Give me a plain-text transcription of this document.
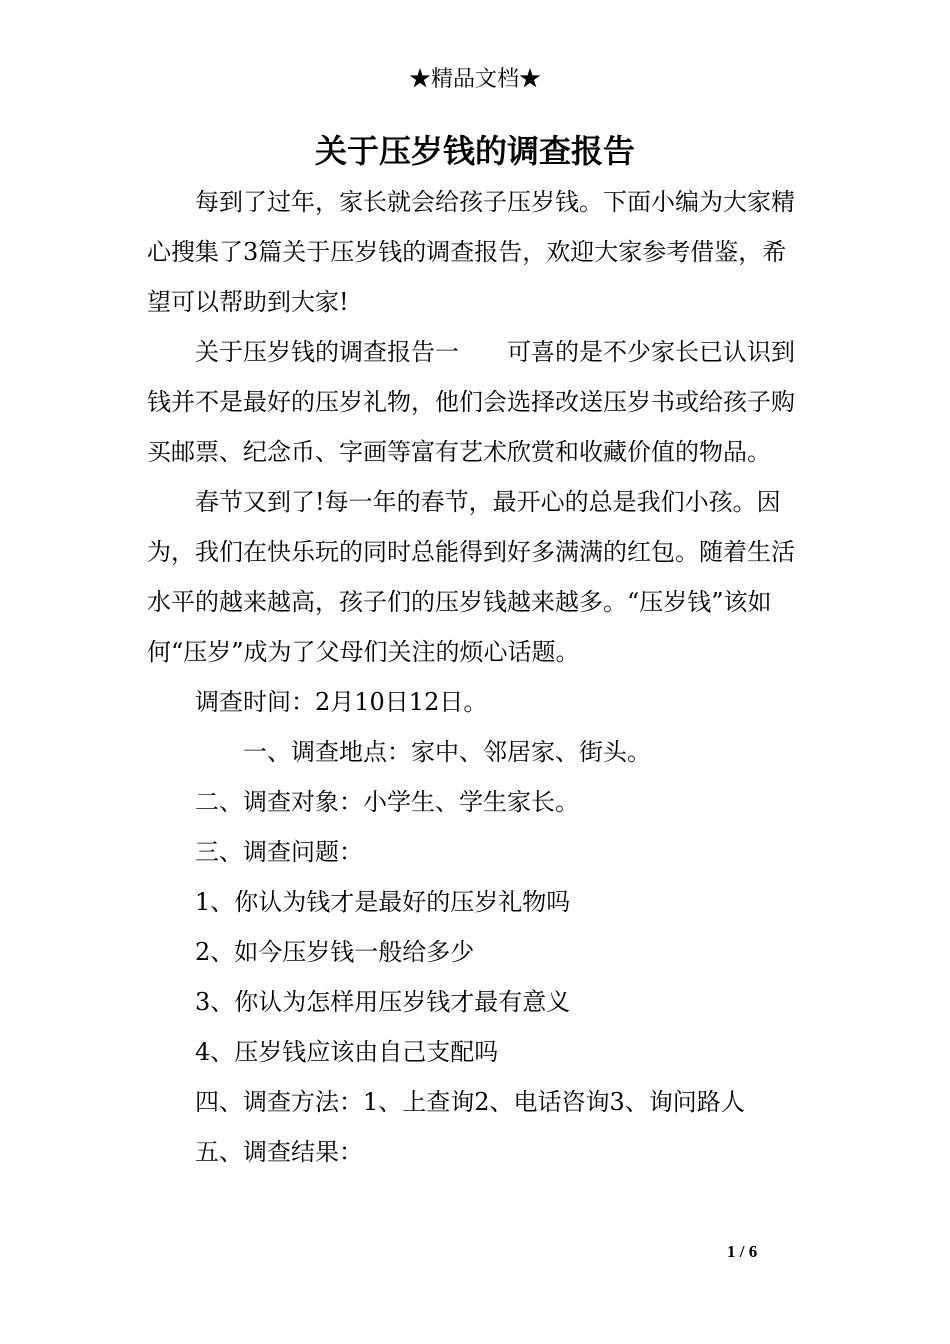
★精品文档★
关于压岁钱的调查报告

每到了过年，家长就会给孩子压岁钱。下面小编为大家精心搜集了3篇关于压岁钱的调查报告，欢迎大家参考借鉴，希望可以帮助到大家!

关于压岁钱的调查报告一　　可喜的是不少家长已认识到钱并不是最好的压岁礼物，他们会选择改送压岁书或给孩子购买邮票、纪念币、字画等富有艺术欣赏和收藏价值的物品。

春节又到了!每一年的春节，最开心的总是我们小孩。因为，我们在快乐玩的同时总能得到好多满满的红包。随着生活水平的越来越高，孩子们的压岁钱越来越多。“压岁钱”该如何“压岁”成为了父母们关注的烦心话题。

调查时间：2月10日12日。

一、调查地点：家中、邻居家、街头。

二、调查对象：小学生、学生家长。

三、调查问题：

1、你认为钱才是最好的压岁礼物吗

2、如今压岁钱一般给多少

3、你认为怎样用压岁钱才最有意义

4、压岁钱应该由自己支配吗

四、调查方法：1、上查询2、电话咨询3、询问路人

五、调查结果：

1 / 6
